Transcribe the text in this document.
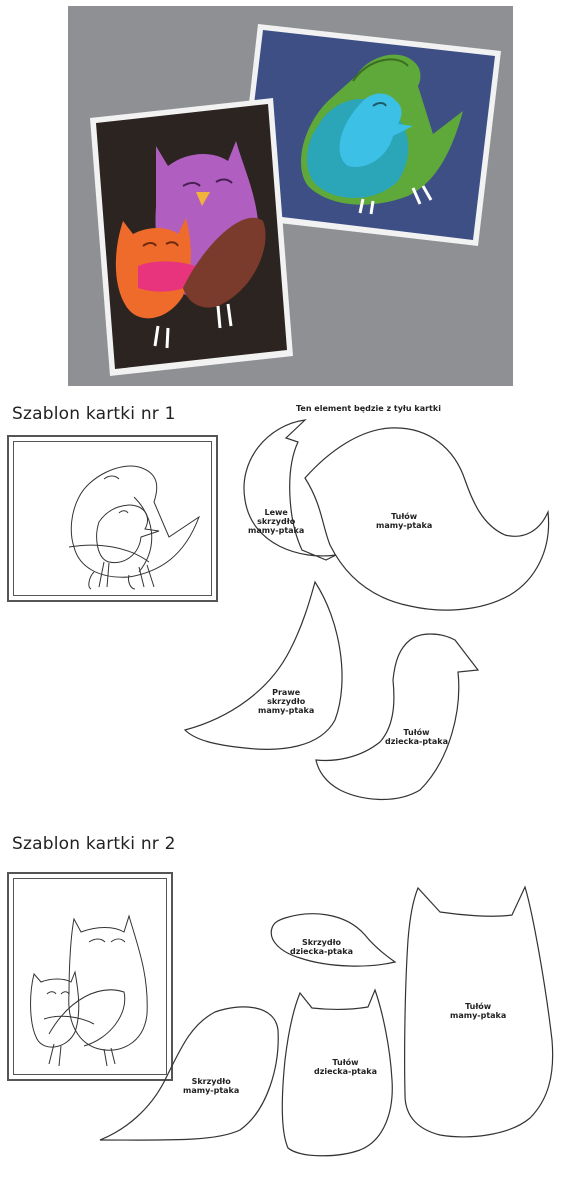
Szablon kartki nr 1
Szablon kartki nr 2
Ten element będzie z tyłu kartki
Lewe
skrzydło
mamy-ptaka
Tułów
mamy-ptaka
Prawe
skrzydło
mamy-ptaka
Tułów
dziecka-ptaka
Skrzydło
dziecka-ptaka
Tułów
mamy-ptaka
Tułów
dziecka-ptaka
Skrzydło
mamy-ptaka
